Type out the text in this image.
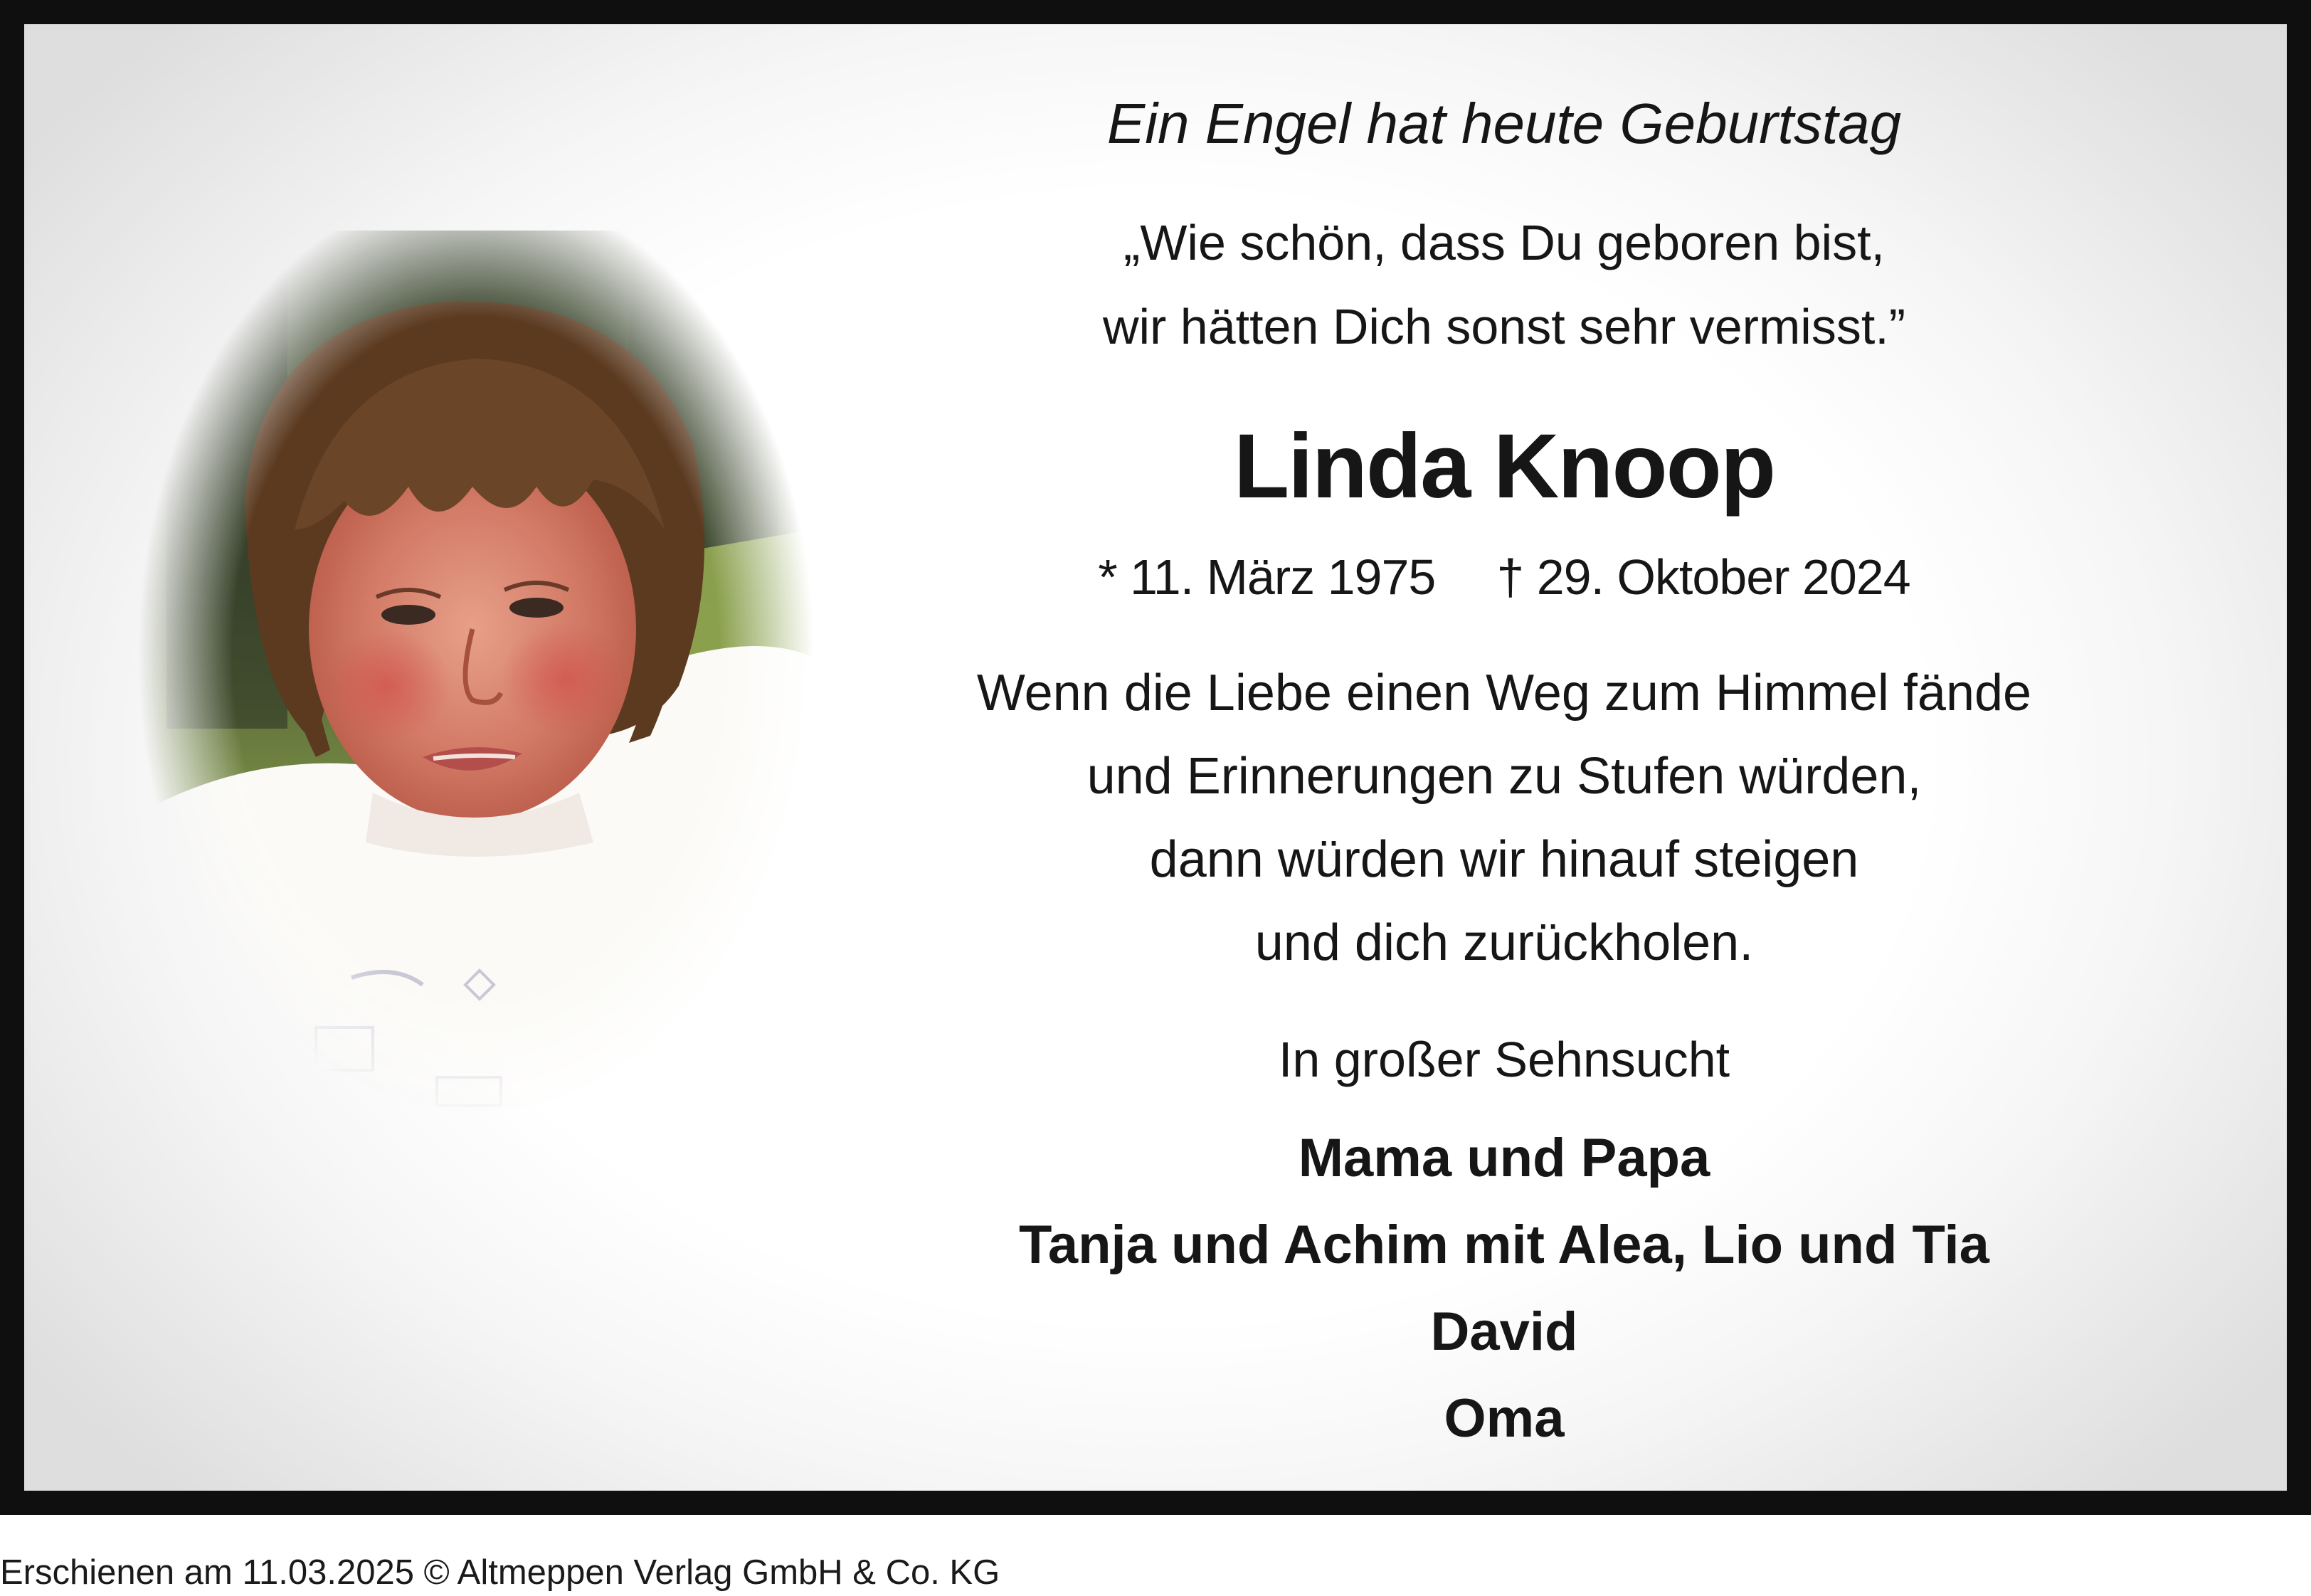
Ein Engel hat heute Geburtstag
„Wie schön, dass Du geboren bist,
wir hätten Dich sonst sehr vermisst.”
Linda Knoop
* 11. März 1975 † 29. Oktober 2024
Wenn die Liebe einen Weg zum Himmel fände
und Erinnerungen zu Stufen würden,
dann würden wir hinauf steigen
und dich zurückholen.
In großer Sehnsucht
Mama und Papa
Tanja und Achim mit Alea, Lio und Tia
David
Oma
Erschienen am 11.03.2025 © Altmeppen Verlag GmbH & Co. KG
